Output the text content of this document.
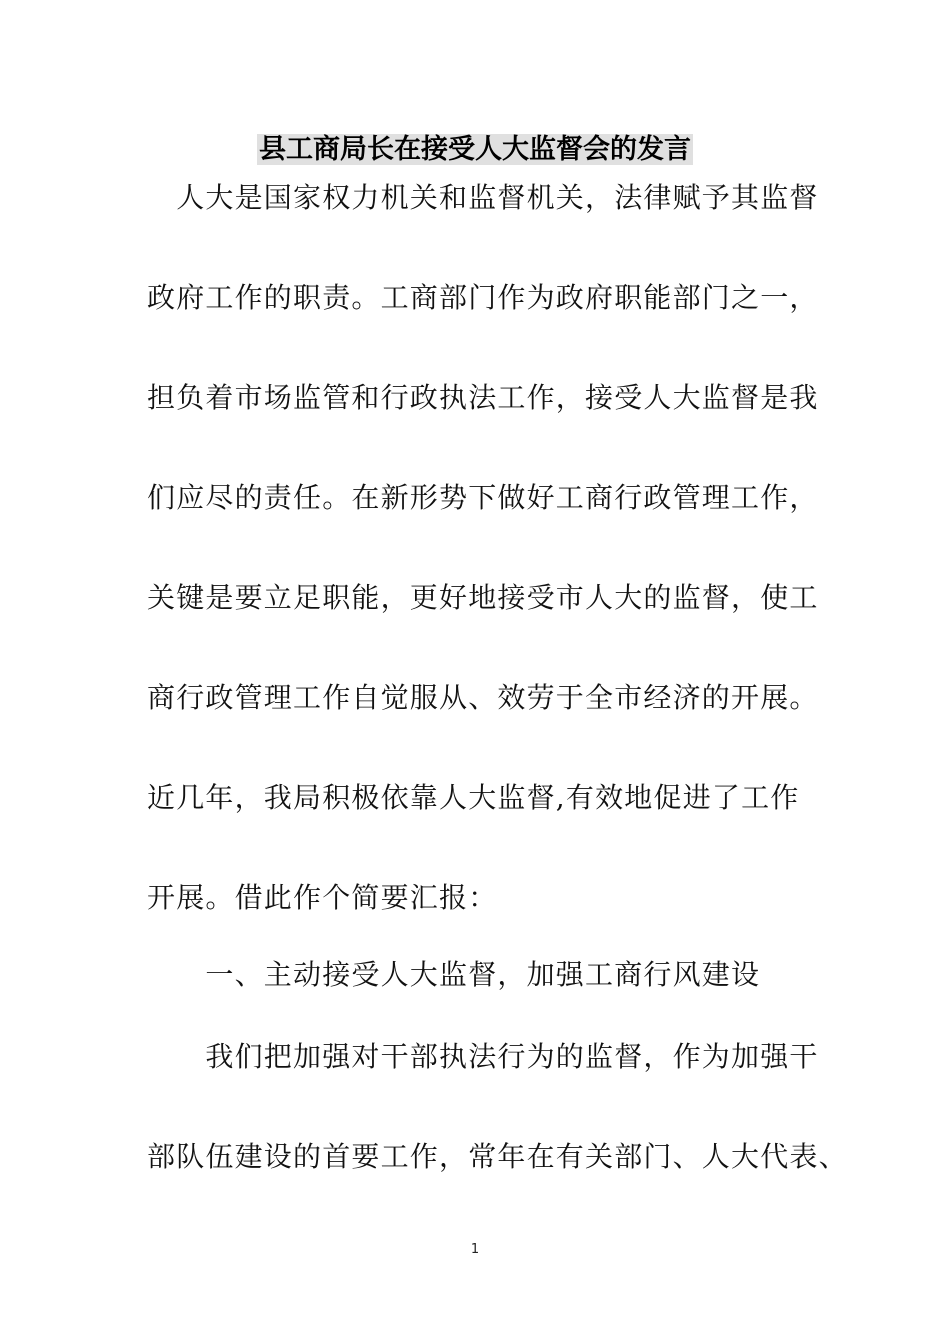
县工商局长在接受人大监督会的发言
　人大是国家权力机关和监督机关，法律赋予其监督
政府工作的职责。工商部门作为政府职能部门之一，
担负着市场监管和行政执法工作，接受人大监督是我
们应尽的责任。在新形势下做好工商行政管理工作，
关键是要立足职能，更好地接受市人大的监督，使工
商行政管理工作自觉服从、效劳于全市经济的开展。
近几年，我局积极依靠人大监督,有效地促进了工作
开展。借此作个简要汇报：
　　一、主动接受人大监督，加强工商行风建设
　　我们把加强对干部执法行为的监督，作为加强干
部队伍建设的首要工作，常年在有关部门、人大代表、
1
